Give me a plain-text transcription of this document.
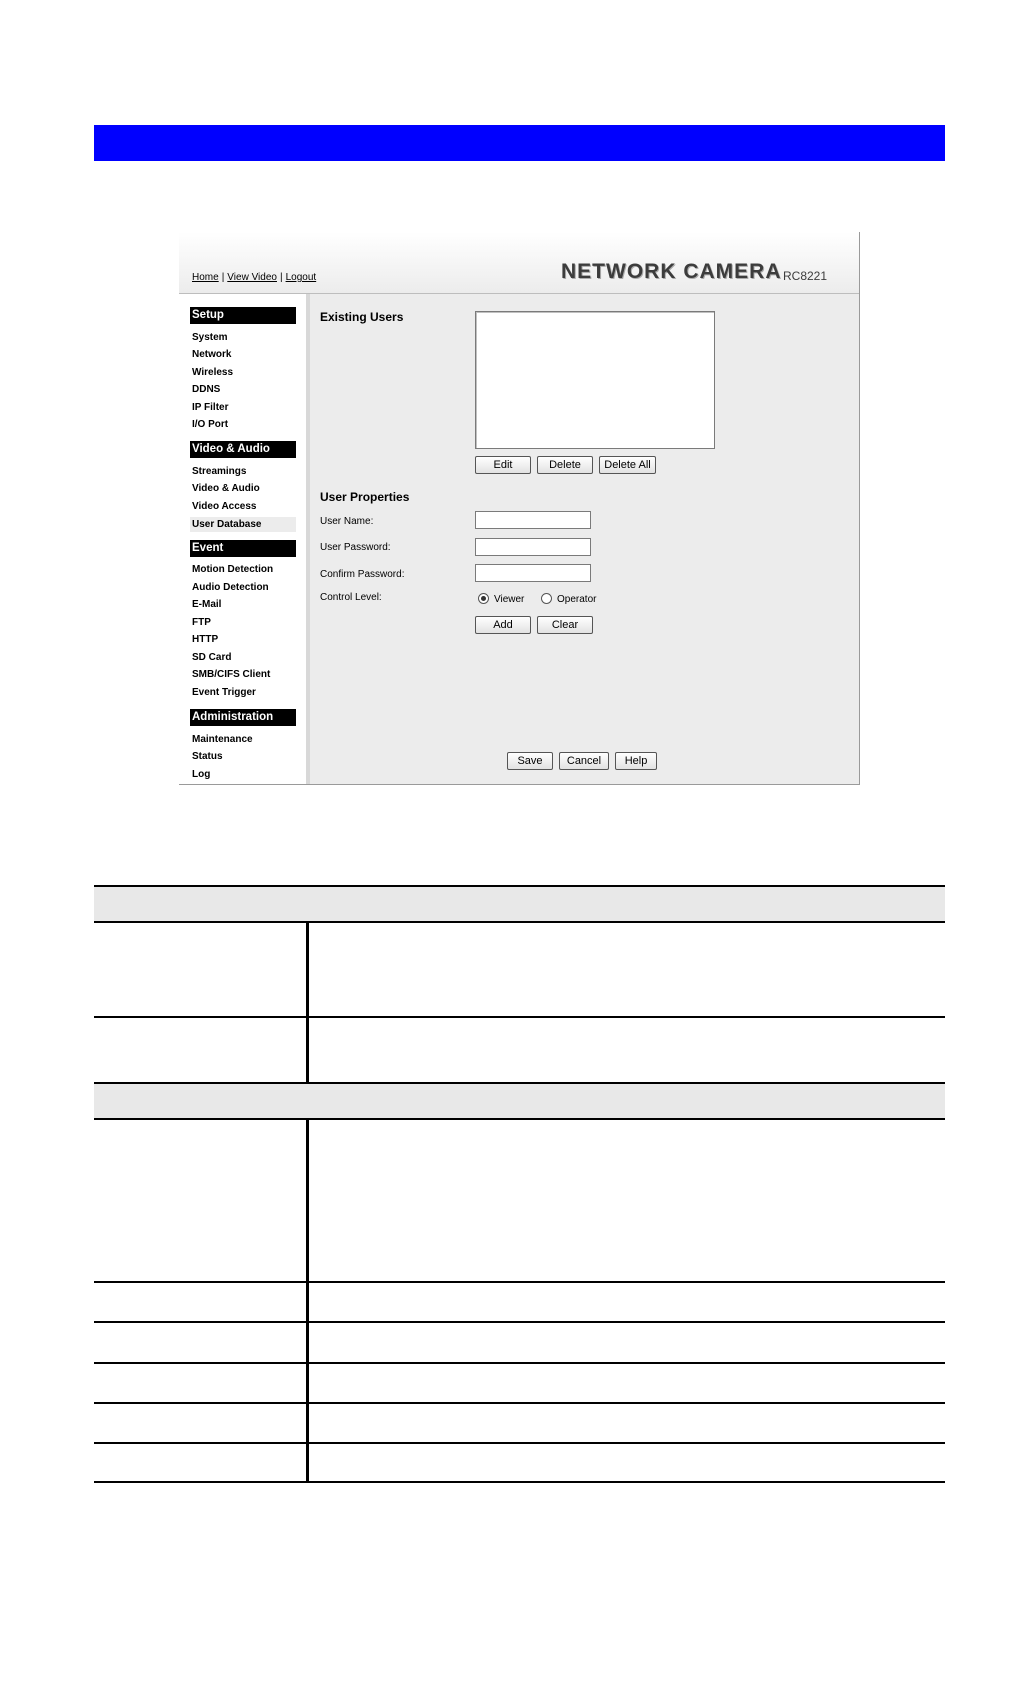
Home | View Video | Logout	NETWORK CAMERA RC8221
Setup
System
Network
Wireless
DDNS
IP Filter
I/O Port
Video & Audio
Streamings
Video & Audio
Video Access
User Database
Event
Motion Detection
Audio Detection
E-Mail
FTP
HTTP
SD Card
SMB/CIFS Client
Event Trigger
Administration
Maintenance
Status
Log
Existing Users
Edit	Delete	Delete All
User Properties
User Name:
User Password:
Confirm Password:
Control Level:	Viewer	Operator
Add	Clear
Save	Cancel	Help
